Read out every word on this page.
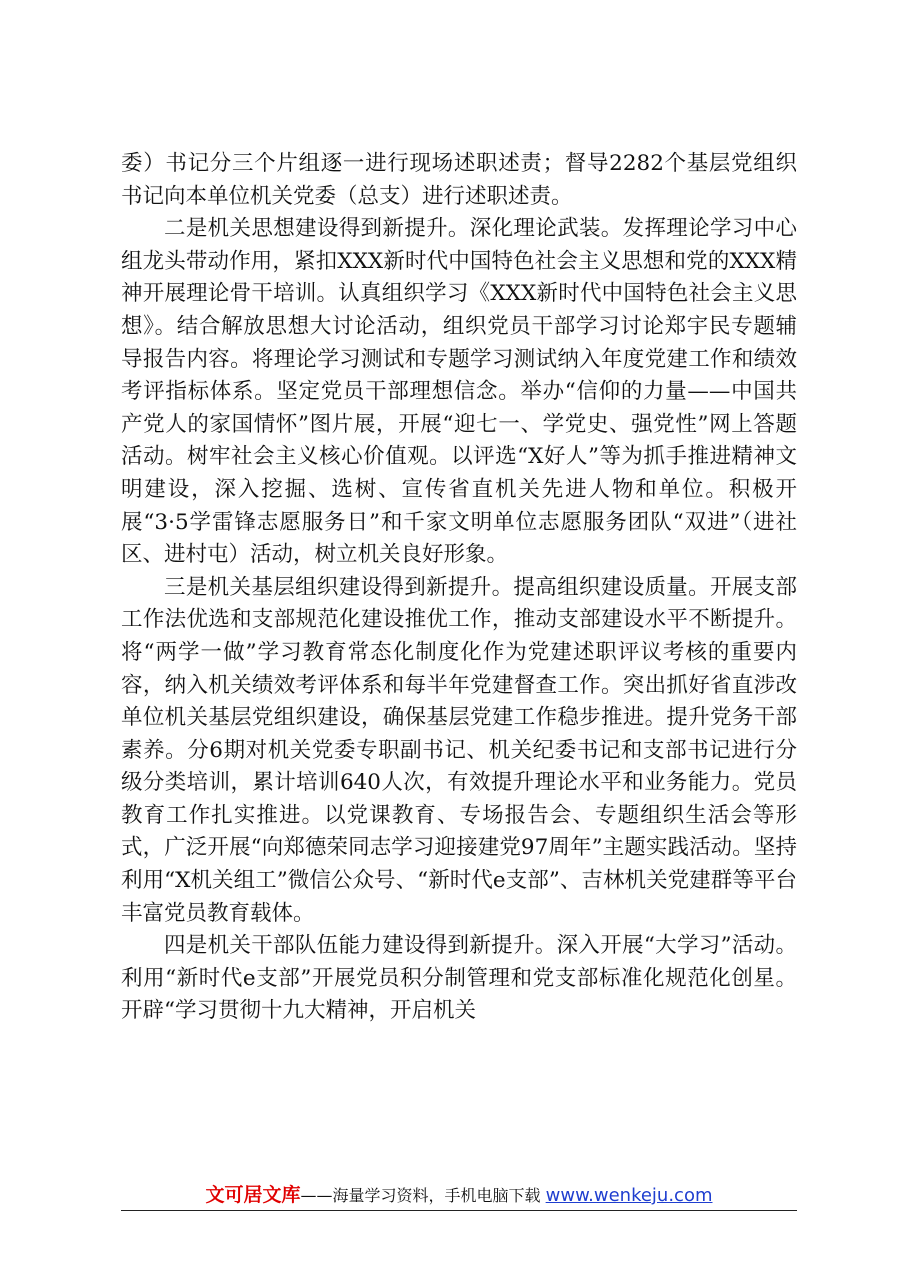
委）书记分三个片组逐一进行现场述职述责；督导2282个基层党组织书记向本单位机关党委（总支）进行述职述责。

二是机关思想建设得到新提升。深化理论武装。发挥理论学习中心组龙头带动作用，紧扣XXX新时代中国特色社会主义思想和党的XXX精神开展理论骨干培训。认真组织学习《XXX新时代中国特色社会主义思想》。结合解放思想大讨论活动，组织党员干部学习讨论郑宇民专题辅导报告内容。将理论学习测试和专题学习测试纳入年度党建工作和绩效考评指标体系。坚定党员干部理想信念。举办“信仰的力量——中国共产党人的家国情怀”图片展，开展“迎七一、学党史、强党性”网上答题活动。树牢社会主义核心价值观。以评选“X好人”等为抓手推进精神文明建设，深入挖掘、选树、宣传省直机关先进人物和单位。积极开展“3·5学雷锋志愿服务日”和千家文明单位志愿服务团队“双进”（进社区、进村屯）活动，树立机关良好形象。

三是机关基层组织建设得到新提升。提高组织建设质量。开展支部工作法优选和支部规范化建设推优工作，推动支部建设水平不断提升。将“两学一做”学习教育常态化制度化作为党建述职评议考核的重要内容，纳入机关绩效考评体系和每半年党建督查工作。突出抓好省直涉改单位机关基层党组织建设，确保基层党建工作稳步推进。提升党务干部素养。分6期对机关党委专职副书记、机关纪委书记和支部书记进行分级分类培训，累计培训640人次，有效提升理论水平和业务能力。党员教育工作扎实推进。以党课教育、专场报告会、专题组织生活会等形式，广泛开展“向郑德荣同志学习迎接建党97周年”主题实践活动。坚持利用“X机关组工”微信公众号、“新时代e支部”、吉林机关党建群等平台丰富党员教育载体。

四是机关干部队伍能力建设得到新提升。深入开展“大学习”活动。利用“新时代e支部”开展党员积分制管理和党支部标准化规范化创星。开辟“学习贯彻十九大精神，开启机关

文可居文库——海量学习资料，手机电脑下载 www.wenkeju.com
